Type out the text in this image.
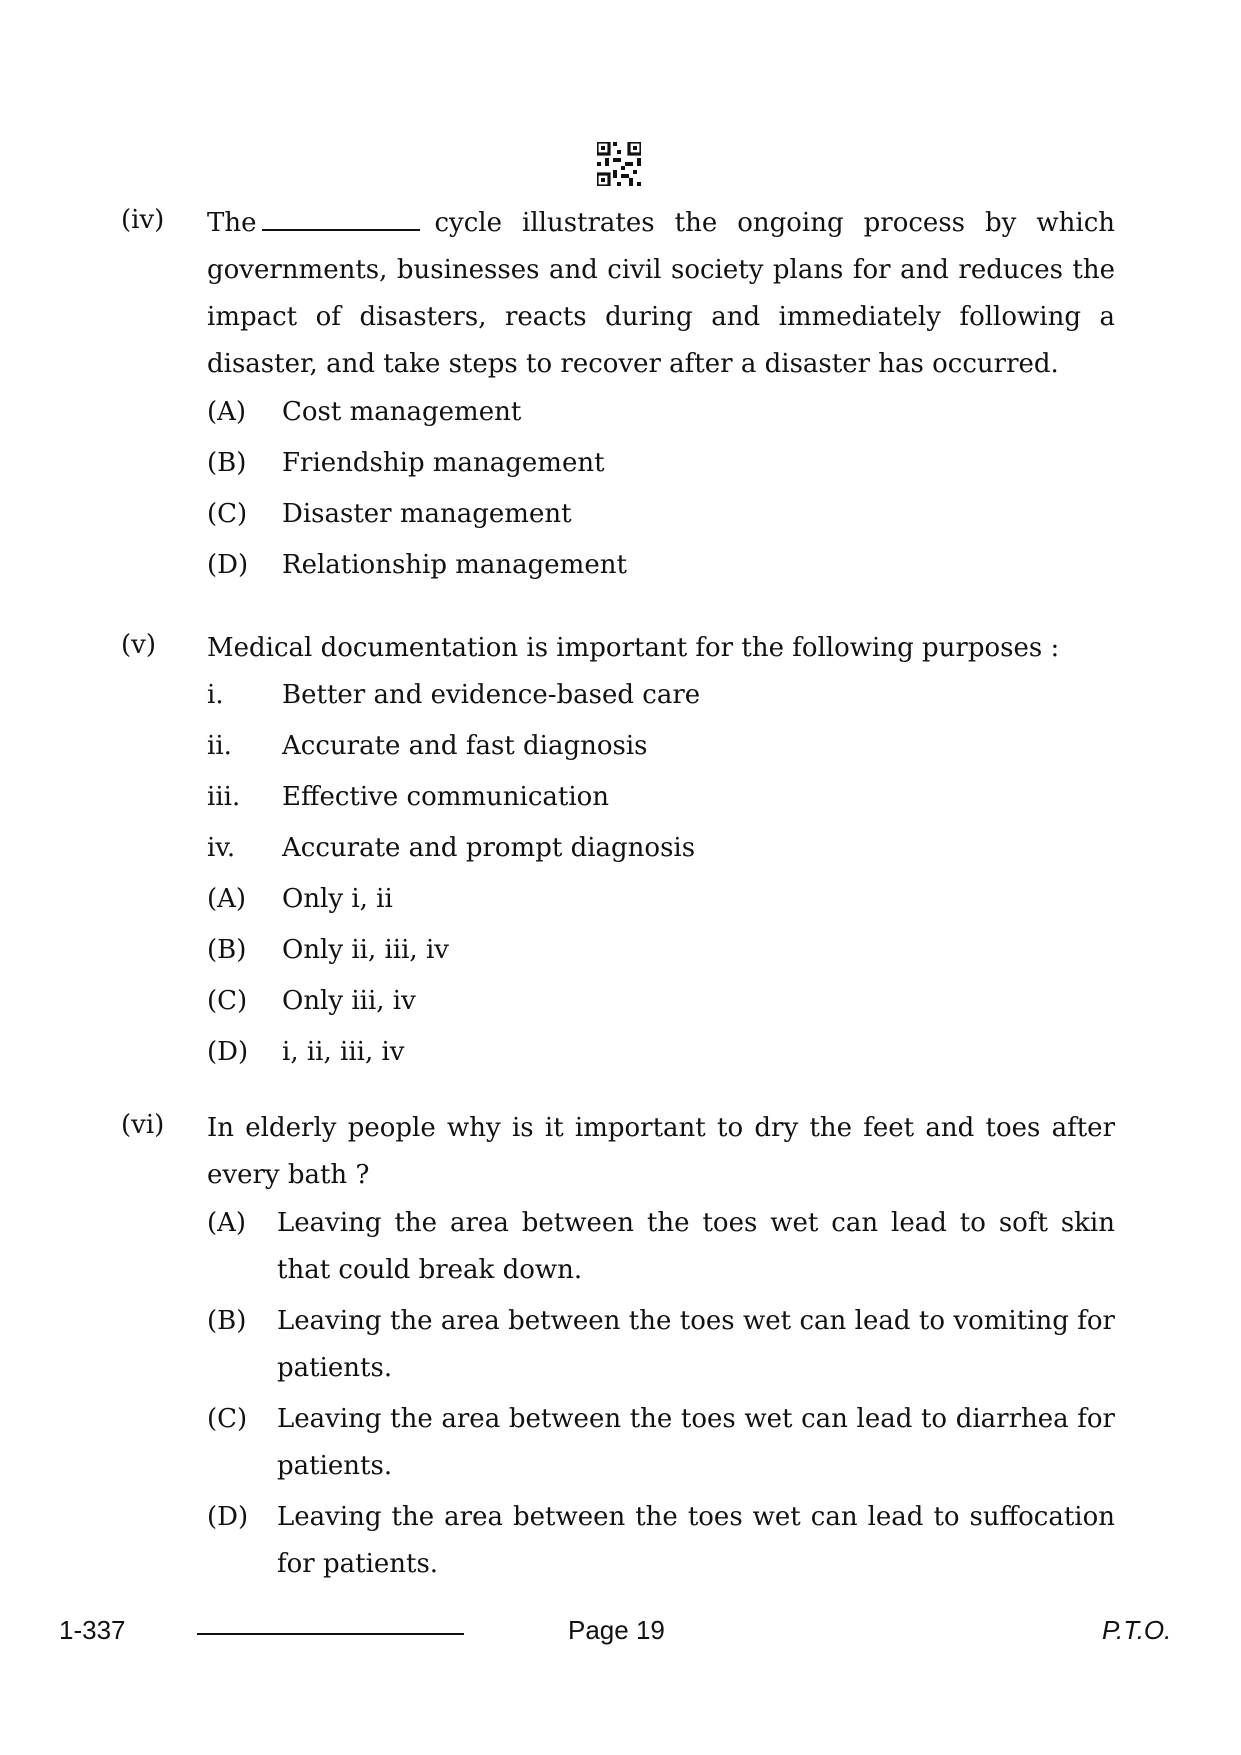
(iv) The	cycle illustrates the ongoing process by which governments, businesses and civil society plans for and reduces the impact of disasters, reacts during and immediately following a disaster, and take steps to recover after a disaster has occurred.
(A) Cost management
(B) Friendship management
(C) Disaster management
(D) Relationship management
(v) Medical documentation is important for the following purposes :
i. Better and evidence-based care
ii. Accurate and fast diagnosis
iii. Effective communication
iv. Accurate and prompt diagnosis
(A) Only i, ii
(B) Only ii, iii, iv
(C) Only iii, iv
(D) i, ii, iii, iv
(vi) In elderly people why is it important to dry the feet and toes after every bath ?
(A) Leaving the area between the toes wet can lead to soft skin that could break down.
(B) Leaving the area between the toes wet can lead to vomiting for patients.
(C) Leaving the area between the toes wet can lead to diarrhea for patients.
(D) Leaving the area between the toes wet can lead to suffocation for patients.
1-337	Page 19	P.T.O.
